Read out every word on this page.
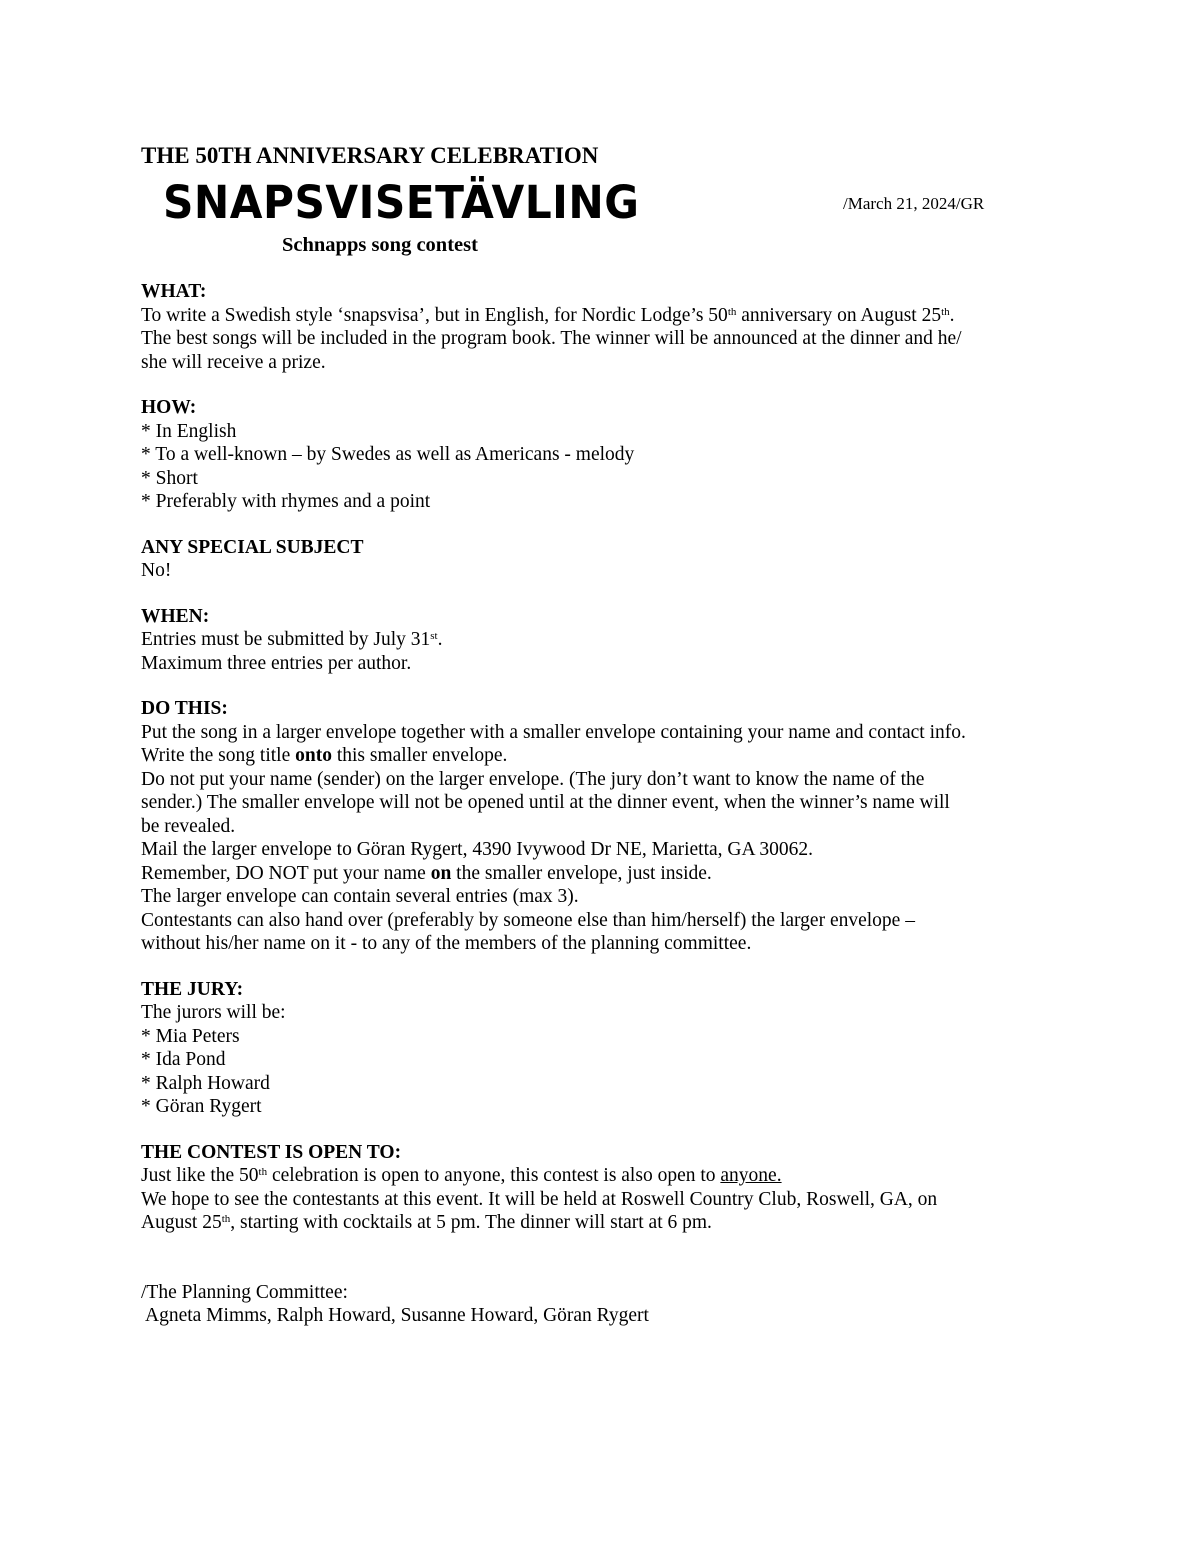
THE 50TH ANNIVERSARY CELEBRATION

SNAPSVISETÄVLING	/March 21, 2024/GR

Schnapps song contest

WHAT:

To write a Swedish style ‘snapsvisa’, but in English, for Nordic Lodge’s 50th anniversary on August 25th.

The best songs will be included in the program book. The winner will be announced at the dinner and he/

she will receive a prize.

HOW:

* In English

* To a well-known – by Swedes as well as Americans - melody

* Short

* Preferably with rhymes and a point

ANY SPECIAL SUBJECT

No!

WHEN:

Entries must be submitted by July 31st.

Maximum three entries per author.

DO THIS:

Put the song in a larger envelope together with a smaller envelope containing your name and contact info.

Write the song title onto this smaller envelope.

Do not put your name (sender) on the larger envelope. (The jury don’t want to know the name of the

sender.) The smaller envelope will not be opened until at the dinner event, when the winner’s name will

be revealed.

Mail the larger envelope to Göran Rygert, 4390 Ivywood Dr NE, Marietta, GA 30062.

Remember, DO NOT put your name on the smaller envelope, just inside.

The larger envelope can contain several entries (max 3).

Contestants can also hand over (preferably by someone else than him/herself) the larger envelope –

without his/her name on it - to any of the members of the planning committee.

THE JURY:

The jurors will be:

* Mia Peters

* Ida Pond

* Ralph Howard

* Göran Rygert

THE CONTEST IS OPEN TO:

Just like the 50th celebration is open to anyone, this contest is also open to anyone.

We hope to see the contestants at this event. It will be held at Roswell Country Club, Roswell, GA, on

August 25th, starting with cocktails at 5 pm. The dinner will start at 6 pm.

/The Planning Committee:

Agneta Mimms, Ralph Howard, Susanne Howard, Göran Rygert
